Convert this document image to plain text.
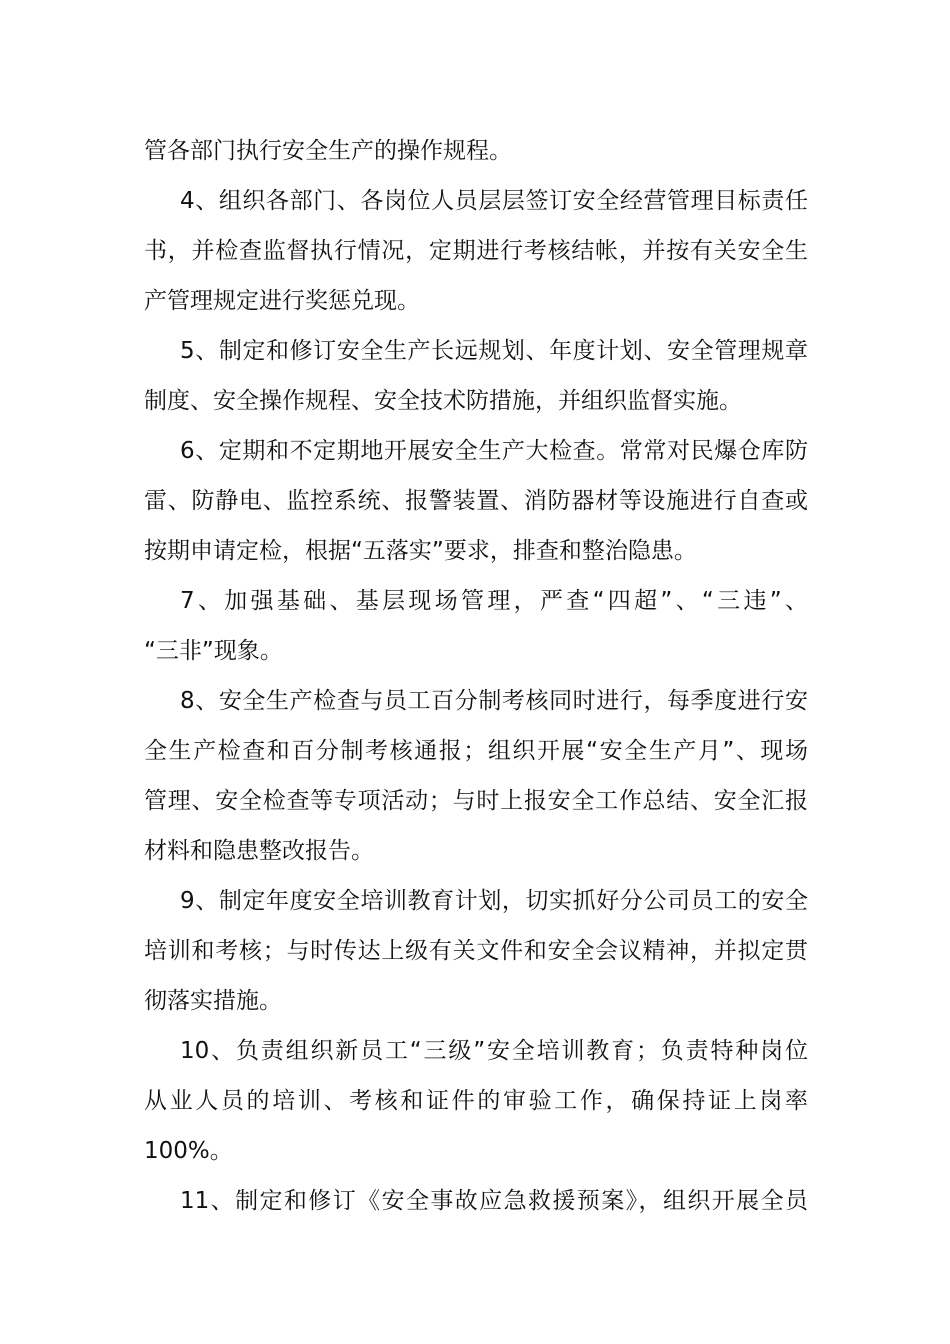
管各部门执行安全生产的操作规程。
4、组织各部门、各岗位人员层层签订安全经营管理目标责任
书，并检查监督执行情况，定期进行考核结帐，并按有关安全生
产管理规定进行奖惩兑现。
5、制定和修订安全生产长远规划、年度计划、安全管理规章
制度、安全操作规程、安全技术防措施，并组织监督实施。
6、定期和不定期地开展安全生产大检查。常常对民爆仓库防
雷、防静电、监控系统、报警装置、消防器材等设施进行自查或
按期申请定检，根据“五落实”要求，排查和整治隐患。
7、加强基础、基层现场管理，严查“四超”、“三违”、
“三非”现象。
8、安全生产检查与员工百分制考核同时进行，每季度进行安
全生产检查和百分制考核通报；组织开展“安全生产月”、现场
管理、安全检查等专项活动；与时上报安全工作总结、安全汇报
材料和隐患整改报告。
9、制定年度安全培训教育计划，切实抓好分公司员工的安全
培训和考核；与时传达上级有关文件和安全会议精神，并拟定贯
彻落实措施。
10、负责组织新员工“三级”安全培训教育；负责特种岗位
从业人员的培训、考核和证件的审验工作，确保持证上岗率
100%。
11、制定和修订《安全事故应急救援预案》，组织开展全员
